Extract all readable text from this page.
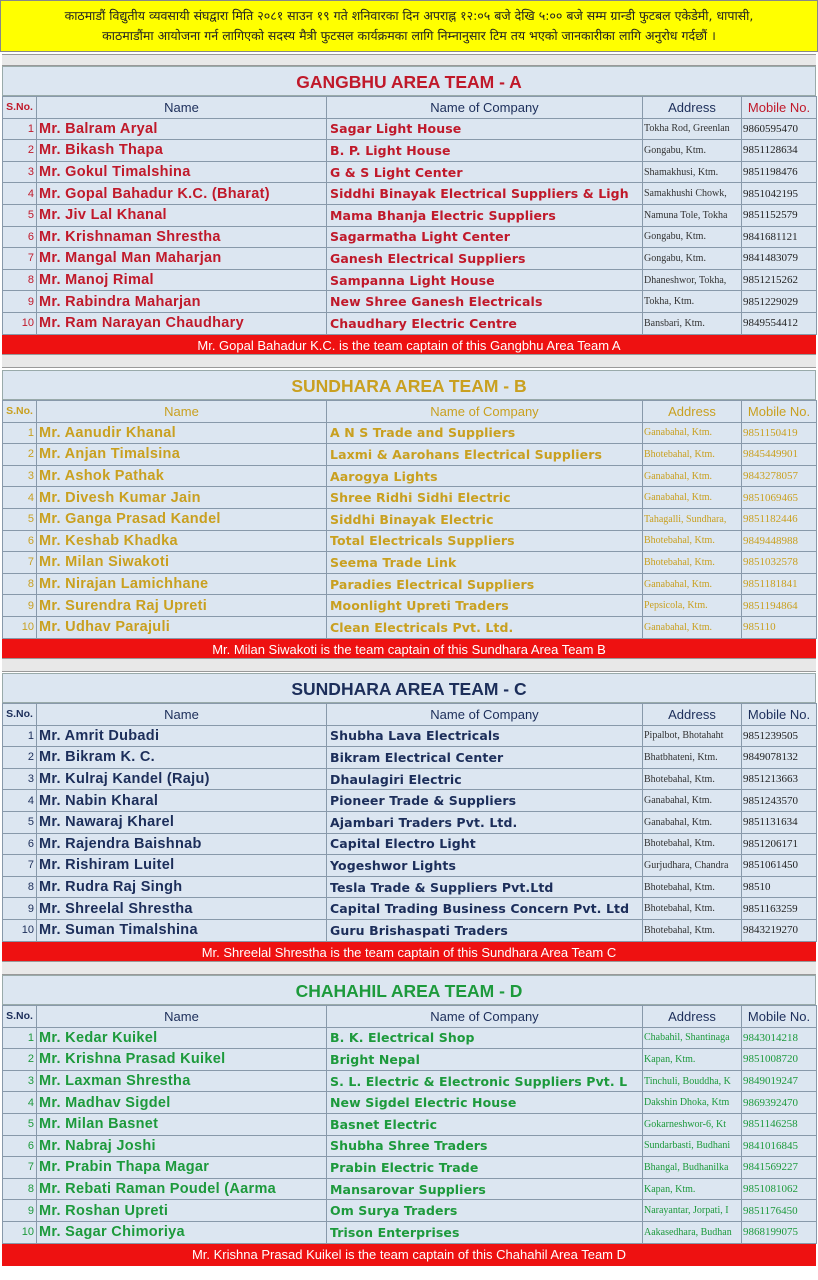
काठमाडौं विद्युतीय व्यवसायी संघद्वारा मिति २०८१ साउन १९ गते शनिवारका दिन अपराह्न १२:०५ बजे देखि ५:०० बजे सम्म ग्रान्डी फुटबल एकेडेमी, धापासी,
काठमाडौंमा आयोजना गर्न लागिएको सदस्य मैत्री फुटसल कार्यक्रमका लागि निम्नानुसार टिम तय भएको जानकारीका लागि अनुरोध गर्दछौं ।
GANGBHU AREA TEAM - A
S.No.	Name	Name of Company	Address	Mobile No.
1	Mr. Balram Aryal	Sagar Light House	Tokha Rod, Greenlan	9860595470
2	Mr. Bikash Thapa	B. P. Light House	Gongabu, Ktm.	9851128634
3	Mr. Gokul Timalshina	G & S Light Center	Shamakhusi, Ktm.	9851198476
4	Mr. Gopal Bahadur K.C. (Bharat)	Siddhi Binayak Electrical Suppliers & Ligh	Samakhushi Chowk,	9851042195
5	Mr. Jiv Lal Khanal	Mama Bhanja Electric Suppliers	Namuna Tole, Tokha	9851152579
6	Mr. Krishnaman Shrestha	Sagarmatha Light Center	Gongabu, Ktm.	9841681121
7	Mr. Mangal Man Maharjan	Ganesh Electrical Suppliers	Gongabu, Ktm.	9841483079
8	Mr. Manoj Rimal	Sampanna Light House	Dhaneshwor, Tokha,	9851215262
9	Mr. Rabindra Maharjan	New Shree Ganesh Electricals	Tokha, Ktm.	9851229029
10	Mr. Ram Narayan Chaudhary	Chaudhary Electric Centre	Bansbari, Ktm.	9849554412
Mr. Gopal Bahadur K.C. is the team captain of this Gangbhu Area Team A
SUNDHARA AREA TEAM - B
S.No.	Name	Name of Company	Address	Mobile No.
1	Mr. Aanudir Khanal	A N S Trade and Suppliers	Ganabahal, Ktm.	9851150419
2	Mr. Anjan Timalsina	Laxmi & Aarohans Electrical Suppliers	Bhotebahal, Ktm.	9845449901
3	Mr. Ashok Pathak	Aarogya Lights	Ganabahal, Ktm.	9843278057
4	Mr. Divesh Kumar Jain	Shree Ridhi Sidhi Electric	Ganabahal, Ktm.	9851069465
5	Mr. Ganga Prasad Kandel	Siddhi Binayak Electric	Tahagalli, Sundhara,	9851182446
6	Mr. Keshab Khadka	Total Electricals Suppliers	Bhotebahal, Ktm.	9849448988
7	Mr. Milan Siwakoti	Seema Trade Link	Bhotebahal, Ktm.	9851032578
8	Mr. Nirajan Lamichhane	Paradies Electrical Suppliers	Ganabahal, Ktm.	9851181841
9	Mr. Surendra Raj Upreti	Moonlight Upreti Traders	Pepsicola, Ktm.	9851194864
10	Mr. Udhav Parajuli	Clean Electricals Pvt. Ltd.	Ganabahal, Ktm.	985110
Mr. Milan Siwakoti is the team captain of this Sundhara Area Team B
SUNDHARA AREA TEAM - C
S.No.	Name	Name of Company	Address	Mobile No.
1	Mr. Amrit Dubadi	Shubha Lava Electricals	Pipalbot, Bhotahaht	9851239505
2	Mr. Bikram K. C.	Bikram Electrical Center	Bhatbhateni, Ktm.	9849078132
3	Mr. Kulraj Kandel (Raju)	Dhaulagiri Electric	Bhotebahal, Ktm.	9851213663
4	Mr. Nabin Kharal	Pioneer Trade & Suppliers	Ganabahal, Ktm.	9851243570
5	Mr. Nawaraj Kharel	Ajambari Traders Pvt. Ltd.	Ganabahal, Ktm.	9851131634
6	Mr. Rajendra Baishnab	Capital Electro Light	Bhotebahal, Ktm.	9851206171
7	Mr. Rishiram Luitel	Yogeshwor Lights	Gurjudhara, Chandra	9851061450
8	Mr. Rudra Raj Singh	Tesla Trade & Suppliers Pvt.Ltd	Bhotebahal, Ktm.	98510
9	Mr. Shreelal Shrestha	Capital Trading Business Concern Pvt. Ltd	Bhotebahal, Ktm.	9851163259
10	Mr. Suman Timalshina	Guru Brishaspati Traders	Bhotebahal, Ktm.	9843219270
Mr. Shreelal Shrestha is the team captain of this Sundhara Area Team C
CHAHAHIL AREA TEAM - D
S.No.	Name	Name of Company	Address	Mobile No.
1	Mr. Kedar Kuikel	B. K. Electrical Shop	Chabahil, Shantinaga	9843014218
2	Mr. Krishna Prasad Kuikel	Bright Nepal	Kapan, Ktm.	9851008720
3	Mr. Laxman Shrestha	S. L. Electric & Electronic Suppliers Pvt. L	Tinchuli, Bouddha, K	9849019247
4	Mr. Madhav Sigdel	New Sigdel Electric House	Dakshin Dhoka, Ktm	9869392470
5	Mr. Milan Basnet	Basnet Electric	Gokarneshwor-6, Kt	9851146258
6	Mr. Nabraj Joshi	Shubha Shree Traders	Sundarbasti, Budhani	9841016845
7	Mr. Prabin Thapa Magar	Prabin Electric Trade	Bhangal, Budhanilka	9841569227
8	Mr. Rebati Raman Poudel (Aarma	Mansarovar Suppliers	Kapan, Ktm.	9851081062
9	Mr. Roshan Upreti	Om Surya Traders	Narayantar, Jorpati, I	9851176450
10	Mr. Sagar Chimoriya	Trison Enterprises	Aakasedhara, Budhan	9868199075
Mr. Krishna Prasad Kuikel is the team captain of this Chahahil Area Team D
